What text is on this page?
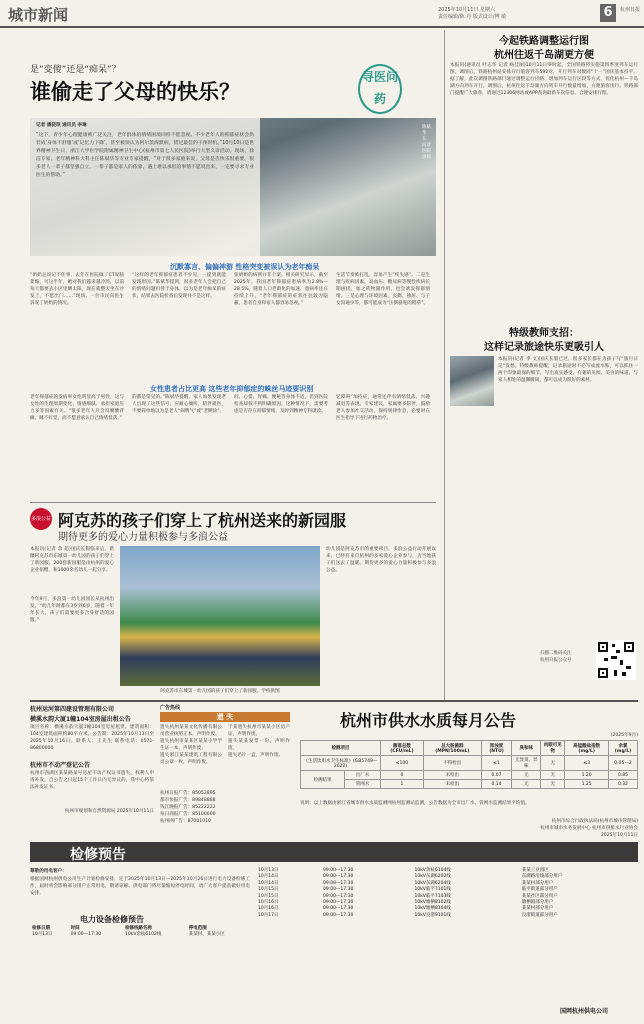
城市新闻	2025年10月11日 星期六
责任编辑/陈 丹 版式设计/傅 敏	6	杭州日报
是“变傻”还是“痴呆”？
谁偷走了父母的快乐？
寻医问药
记者 潘骁珉 通讯员 李琳
“这下，青少年心理健康被广泛关注，老年群体的情绪困境同样不能忽视。不少老年人的抑郁症状会伪装成‘身体不舒服’或‘记忆力下降’，甚至被误认为阿尔茨海默病，错过最佳的干预时机。”10月10日是世界精神卫生日，浙江大学医学院附属精神卫生中心(杭州市第七人民医院)举行大型义诊活动。现场，徐洁专家、老年精神科大科主任陈斌华等专业专家提醒，“对于很多家庭来说，父母是否快乐很重要，很多老人一辈子都坚强自立，一辈子都是家人的依靠，遇上难以承担的事情不愿说出来，一定要寻求专业医生的帮助。”
陈斌华 在 问诊 医院供图
沉默寡言、偏偏神游 性格突变被误认为老年痴呆
“奶奶总说记不住事，去年在医院做了CT说脑萎缩，可这半年，她对我们越来越冷淡，以前每天都要去小区里晒太阳，现在就整天坐在沙发上，不愿出门……”现场，一位市民向医生诉说了奶奶的情况。
“这样的老年抑郁症患者不少见，一提到就能发现原因。”陈斌华提到，很多老年人会把自己的情绪问题归咎于身体，以为是老年痴呆的症状，结果去医院检查后发现并不是这样。
张奶奶的病例并非个案。相关研究显示，截至2025年，我国老年抑郁症患病率为2.8%—28.5%，随着人口老龄化的加速，患病率还在持续上升。“老年抑郁症的症状往往较为隐蔽，患者自身和家人都容易忽视。”
生活节奏被打乱，容易产生“疾失感”。二是生理与疾病因素，高血压、糖尿病等慢性疾病长期困扰，加之药物副作用，也会诱发抑郁情绪。三是心理与环境因素，丧偶、独居、与子女沟通少等，都可能成为“压倒骆驼的稻草”。
女性患者占比更高 这些老年抑郁症的蛛丝马迹要识别
老年抑郁症的发病率女性明显高于男性，这与女性的生理周期变化、情感细腻、承担家庭压力多等因素有关。“很多老年人只会说腰酸背痛、睡不好觉，而不愿意承认自己情绪低落。”
的都是常见的。”陈斌华提醒，家人如果发现老人出现了这些信号，应耐心倾听，陪伴就医，不要简单地以为是老人“闹脾气”或“老糊涂”。
问、心慌、胃痛、便秘等身体不适，但到医院检查却找不到明确原因。这种情况下，需要考虑是否存在抑郁情绪，及时到精神专科就诊。
忆障碍”加持症，通常还伴有情绪低落、兴趣减退等表现。专家建议，家属要多陪伴，鼓励老人参加社交活动，保持规律作息，必要时在医生指导下进行药物治疗。
今起铁路调整运行图
杭州往返千岛湖更方便
本报讯(通讯员 叶志华 记者 杨佳丽)10月11日零时起，全国铁路将实施第四季度列车运行图。调图后，铁路杭州站安排开行旅客列车592对，开行列车对数同“十一”国庆基本持平。据了解，此次调图铁路部门通过调整运行径路、增加列车运行区段等方式，优化杭州—千岛湖方向列车开行。调图后，杭州往返千岛湖方向列车开行数量增加，方便旅客出行。铁路部门提醒广大旅客，请通过12306网站或APP查询最新车次信息，合理安排行程。
特级教师支招：
这样记录旅途快乐更吸引人
本报讯(记者 李 文)国庆长假已过，很多家长都在为孩子写“旅行日记”发愁。特级教师提醒，记录旅途时不必写成流水账，可以抓住一两个印象最深的细节，写出真实感受。有趣的见闻、美食的味道、与家人相处的温馨瞬间，都可以成为很好的素材。
扫描二维码关注
杭州日报公众号
多浪公益 阿克苏的孩子们穿上了杭州送来的新园服
期待更多的爱心力量积极参与多浪公益
本报讯(记者 余 超)国庆长假临来后，新疆阿克苏市东城第一幼儿园的孩子们穿上了新园服。200套新园服是由杭州的爱心企业捐赠，和1000余名幼儿一起分享。
今年9月，多浪第一幼儿园园长从杭州出发，“幼儿年龄都在3岁到6岁，随着一年年长大，孩子们需要更多合身舒适的园服。”
阿克苏市东城第一幼儿园的孩子们穿上了新园服。学校供图
幼儿园是阿克苏市的重要项目，多浪公益行动开展以来，已经有来自杭州的多家爱心企业参与，为当地孩子们送去了温暖。期待更多的爱心力量积极参与多浪公益。
杭州运河第四建设管理有限公司
横溪水韵大厦1幢104室房屋出租公告
项目名称：横溪水韵大厦1幢104室房屋租赁。建筑面积：104室建筑面积约80平方米。公告期：2025年10月13日至2025年10月16日。联系人：王先生 联系电话：0571-86800000
杭州市不动产登记公告
杭州市西湖区某某路某号房屋不动产权证书遗失，权利人申请补发。自公告之日起15个工作日内无异议的，我中心将依法补发证书。
杭州市规划和自然资源局 2025年10月11日
广告热线
遗 失
遗失杭州某某文化传播有限公司营业执照正本，声明作废。
遗失杭州市某某区某某小学学生证一本，声明作废。
遗失浙江某某建筑工程有限公司公章一枚，声明作废。
于某遗失杭州市某某小区房产证，声明作废。
遗失某某发票一份，声明作废。
遗失名片一盒，声明作废。
杭州日报广告：85052895
都市快报广告：89848888
钱江晚报广告：85222222
每日商报广告：85100000
杭州网广告：87001010
杭州市供水水质每月公告
(2025年9月)
检测项目		菌落总数(CFU/mL)	总大肠菌群(MPN/100mL)	浑浊度(NTU)	臭和味	肉眼可见物	高锰酸盐指数(mg/L)	余氯(mg/L)
《生活饮用水卫生标准》(GB5749—2022)		≤100	不得检出	≤1	无异臭、异味	无	≤3	0.05—2
检测结果	出厂水	0	未检出	0.07	无	无	1.20	0.85
	管网水	1	未检出	0.14	无	无	1.25	0.32
说明：以上数据由浙江省城市供水水质监测网杭州监测站监测，公告数据为全市出厂水、管网水监测结果平均值。
杭州市综合行政执法局(杭州市城市管理局)
杭州市城市水务发展中心 杭州市供排水行业协会
2025年10月11日
检修预告
尊敬的用电客户：
根据国网杭州供电公司生产计划检修安排，定于2025年10月13日—2025年10月26日进行电力设备检修工作，届时将会影响部分用户正常用电，敬请谅解。供电部门将尽量缩短停电时间，请广大客户提前做好用电安排。
电力设备检修预告
检修日期	时间	检修线路名称	停电范围
10月13日	09:00—17:30	10kV余杭6102线	某某村、某某小区
10月13日	09:00—17:30	10kV余杭6104线	某某工业园区
10月14日	09:00—17:30	10kV东湖6202线	东湖路沿线部分用户
10月14日	09:00—17:30	10kV东湖6204线	某某村部分用户
10月15日	09:00—17:30	10kV临平7101线	临平街道部分用户
10月15日	09:00—17:30	10kV临平7103线	某某社区部分用户
10月16日	09:00—17:30	10kV塘栖8102线	塘栖镇部分用户
10月16日	09:00—17:30	10kV塘栖8104线	某某村部分用户
10月17日	09:00—17:30	10kV良渚9101线	良渚街道部分用户
国网杭州供电公司
